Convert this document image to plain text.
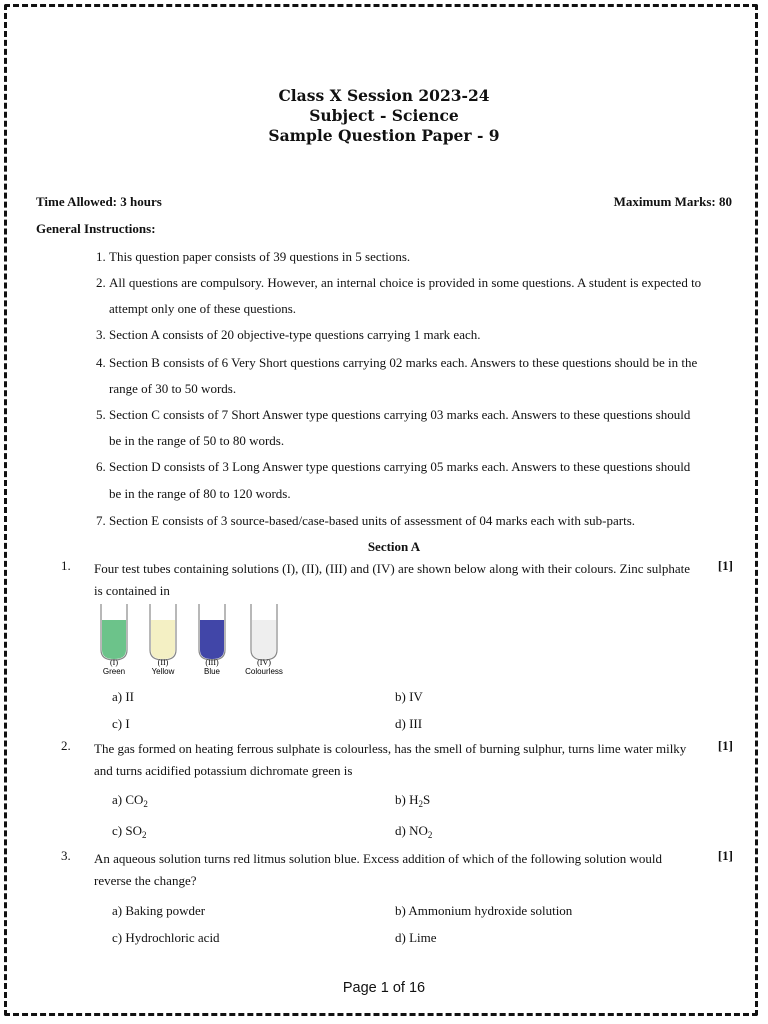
Class X Session 2023-24
Subject - Science
Sample Question Paper - 9
Time Allowed: 3 hours	Maximum Marks: 80
General Instructions:
1. This question paper consists of 39 questions in 5 sections.
2. All questions are compulsory. However, an internal choice is provided in some questions. A student is expected to
attempt only one of these questions.
3. Section A consists of 20 objective-type questions carrying 1 mark each.
4. Section B consists of 6 Very Short questions carrying 02 marks each. Answers to these questions should be in the
range of 30 to 50 words.
5. Section C consists of 7 Short Answer type questions carrying 03 marks each. Answers to these questions should
be in the range of 50 to 80 words.
6. Section D consists of 3 Long Answer type questions carrying 05 marks each. Answers to these questions should
be in the range of 80 to 120 words.
7. Section E consists of 3 source-based/case-based units of assessment of 04 marks each with sub-parts.
Section A
1. Four test tubes containing solutions (I), (II), (III) and (IV) are shown below along with their colours. Zinc sulphate is contained in
[1]
(I)
Green
(II)
Yellow
(III)
Blue
(IV)
Colourless
a) II	b) IV
c) I	d) III
2. The gas formed on heating ferrous sulphate is colourless, has the smell of burning sulphur, turns lime water milky and turns acidified potassium dichromate green is
[1]
a) $CO_2$	b) $H_2S$
c) $SO_2$	d) $NO_2$
3. An aqueous solution turns red litmus solution blue. Excess addition of which of the following solution would reverse the change?
[1]
a) Baking powder	b) Ammonium hydroxide solution
c) Hydrochloric acid	d) Lime
Page 1 of 16
